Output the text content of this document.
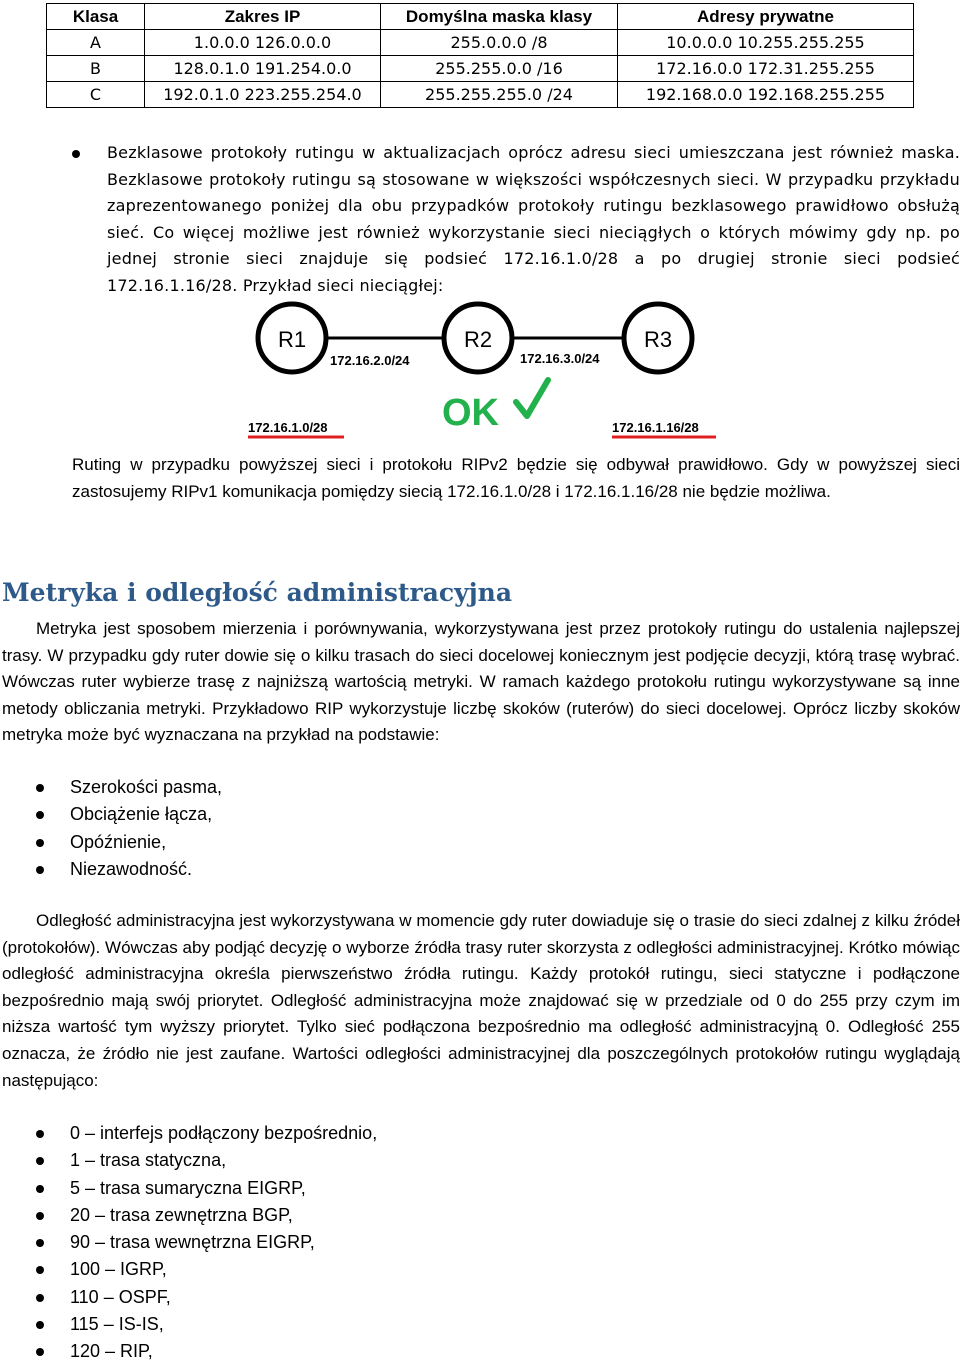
Klasa	Zakres IP	Domyślna maska klasy	Adresy prywatne
A	1.0.0.0 126.0.0.0	255.0.0.0 /8	10.0.0.0 10.255.255.255
B	128.0.1.0 191.254.0.0	255.255.0.0 /16	172.16.0.0 172.31.255.255
C	192.0.1.0 223.255.254.0	255.255.255.0 /24	192.168.0.0 192.168.255.255

Bezklasowe protokoły rutingu w aktualizacjach oprócz adresu sieci umieszczana jest również maska. Bezklasowe protokoły rutingu są stosowane w większości współczesnych sieci. W przypadku przykładu zaprezentowanego poniżej dla obu przypadków protokoły rutingu bezklasowego prawidłowo obsłużą sieć. Co więcej możliwe jest również wykorzystanie sieci nieciągłych o których mówimy gdy np. po jednej stronie sieci znajduje się podsieć 172.16.1.0/28 a po drugiej stronie sieci podsieć 172.16.1.16/28. Przykład sieci nieciągłej:

R1	R2	R3
172.16.2.0/24	172.16.3.0/24
OK
172.16.1.0/28	172.16.1.16/28

Ruting w przypadku powyższej sieci i protokołu RIPv2 będzie się odbywał prawidłowo. Gdy w powyższej sieci zastosujemy RIPv1 komunikacja pomiędzy siecią 172.16.1.0/28 i 172.16.1.16/28 nie będzie możliwa.

Metryka i odległość administracyjna

Metryka jest sposobem mierzenia i porównywania, wykorzystywana jest przez protokoły rutingu do ustalenia najlepszej trasy. W przypadku gdy ruter dowie się o kilku trasach do sieci docelowej koniecznym jest podjęcie decyzji, którą trasę wybrać. Wówczas ruter wybierze trasę z najniższą wartością metryki. W ramach każdego protokołu rutingu wykorzystywane są inne metody obliczania metryki. Przykładowo RIP wykorzystuje liczbę skoków (ruterów) do sieci docelowej. Oprócz liczby skoków metryka może być wyznaczana na przykład na podstawie:

Szerokości pasma,
Obciążenie łącza,
Opóźnienie,
Niezawodność.

Odległość administracyjna jest wykorzystywana w momencie gdy ruter dowiaduje się o trasie do sieci zdalnej z kilku źródeł (protokołów). Wówczas aby podjąć decyzję o wyborze źródła trasy ruter skorzysta z odległości administracyjnej. Krótko mówiąc odległość administracyjna określa pierwszeństwo źródła rutingu. Każdy protokół rutingu, sieci statyczne i podłączone bezpośrednio mają swój priorytet. Odległość administracyjna może znajdować się w przedziale od 0 do 255 przy czym im niższa wartość tym wyższy priorytet. Tylko sieć podłączona bezpośrednio ma odległość administracyjną 0. Odległość 255 oznacza, że źródło nie jest zaufane. Wartości odległości administracyjnej dla poszczególnych protokołów rutingu wyglądają następująco:

0 – interfejs podłączony bezpośrednio,
1 – trasa statyczna,
5 – trasa sumaryczna EIGRP,
20 – trasa zewnętrzna BGP,
90 – trasa wewnętrzna EIGRP,
100 – IGRP,
110 – OSPF,
115 – IS-IS,
120 – RIP,
